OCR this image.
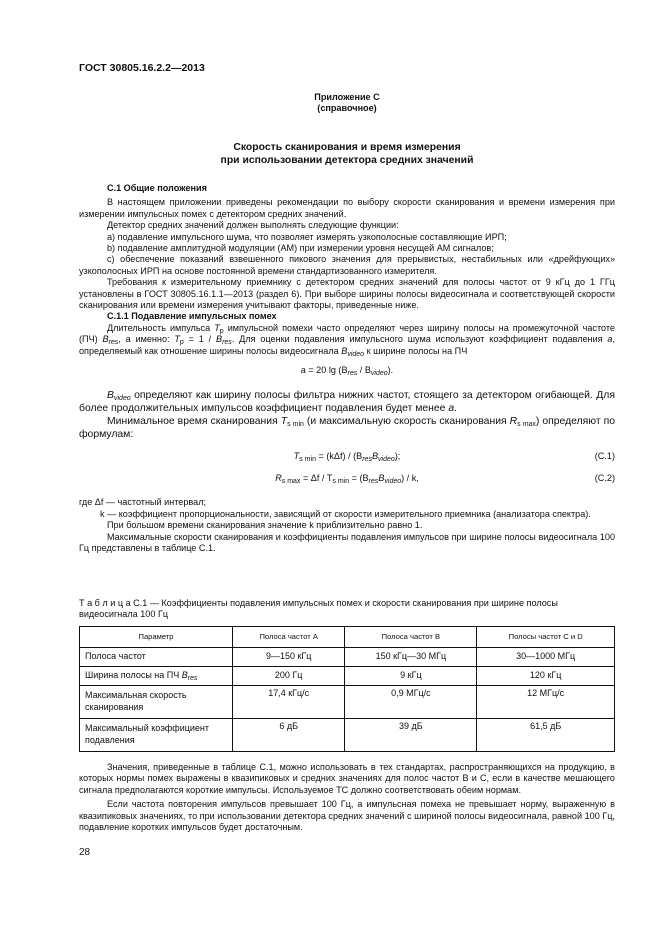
ГОСТ 30805.16.2.2—2013
Приложение С
(справочное)
Скорость сканирования и время измерения
при использовании детектора средних значений

С.1 Общие положения

В настоящем приложении приведены рекомендации по выбору скорости сканирования и времени измерения при измерении импульсных помех с детектором средних значений.

Детектор средних значений должен выполнять следующие функции:

а) подавление импульсного шума, что позволяет измерять узкополосные составляющие ИРП;

b) подавление амплитудной модуляции (АМ) при измерении уровня несущей АМ сигналов;

с) обеспечение показаний взвешенного пикового значения для прерывистых, нестабильных или «дрейфующих» узкополосных ИРП на основе постоянной времени стандартизованного измерителя.

Требования к измерительному приемнику с детектором средних значений для полосы частот от 9 кГц до 1 ГГц установлены в ГОСТ 30805.16.1.1—2013 (раздел 6). При выборе ширины полосы видеосигнала и соответствующей скорости сканирования или времени измерения учитывают факторы, приведенные ниже.

С.1.1 Подавление импульсных помех

Длительность импульса $T_p$ импульсной помехи часто определяют через ширину полосы на промежуточной частоте (ПЧ) $B_{res}$, а именно: $T_p = 1 / B_{res}$. Для оценки подавления импульсного шума используют коэффициент подавления a, определяемый как отношение ширины полосы видеосигнала $B_{video}$ к ширине полосы на ПЧ

a = 20 $\lg (B_{res} / B_{video})$.

$B_{video}$ определяют как ширину полосы фильтра нижних частот, стоящего за детектором огибающей. Для более продолжительных импульсов коэффициент подавления будет менее a.

Минимальное время сканирования $T_{s min}$ (и максимальную скорость сканирования $R_{s max}$) определяют по формулам:

$T_{s min} = (k\Delta f) / (B_{res}B_{video})$;	(С.1)
$R_{s max} = \Delta f / T_{s min} = (B_{res}B_{video}) / k$,	(С.2)

где Δf — частотный интервал;

k — коэффициент пропорциональности, зависящий от скорости измерительного приемника (анализатора спектра).

При большом времени сканирования значение k приблизительно равно 1.

Максимальные скорости сканирования и коэффициенты подавления импульсов при ширине полосы видеосигнала 100 Гц представлены в таблице С.1.

Т а б л и ц а С.1 — Коэффициенты подавления импульсных помех и скорости сканирования при ширине полосы видеосигнала 100 Гц

Параметр	Полоса частот А	Полоса частот В	Полосы частот С и D
Полоса частот	9—150 кГц	150 кГц—30 МГц	30—1000 МГц
Ширина полосы на ПЧ $B_{res}$	200 Гц	9 кГц	120 кГц
Максимальная скорость сканирования	17,4 кГц/с	0,9 МГц/с	12 МГц/с
Максимальный коэффициент подавления	6 дБ	39 дБ	61,5 дБ

Значения, приведенные в таблице С.1, можно использовать в тех стандартах, распространяющихся на продукцию, в которых нормы помех выражены в квазипиковых и средних значениях для полос частот В и С, если в качестве мешающего сигнала предполагаются короткие импульсы. Используемое ТС должно соответствовать обеим нормам.

Если частота повторения импульсов превышает 100 Гц, а импульсная помеха не превышает норму, выраженную в квазипиковых значениях, то при использовании детектора средних значений с шириной полосы видеосигнала, равной 100 Гц, подавление коротких импульсов будет достаточным.

28
